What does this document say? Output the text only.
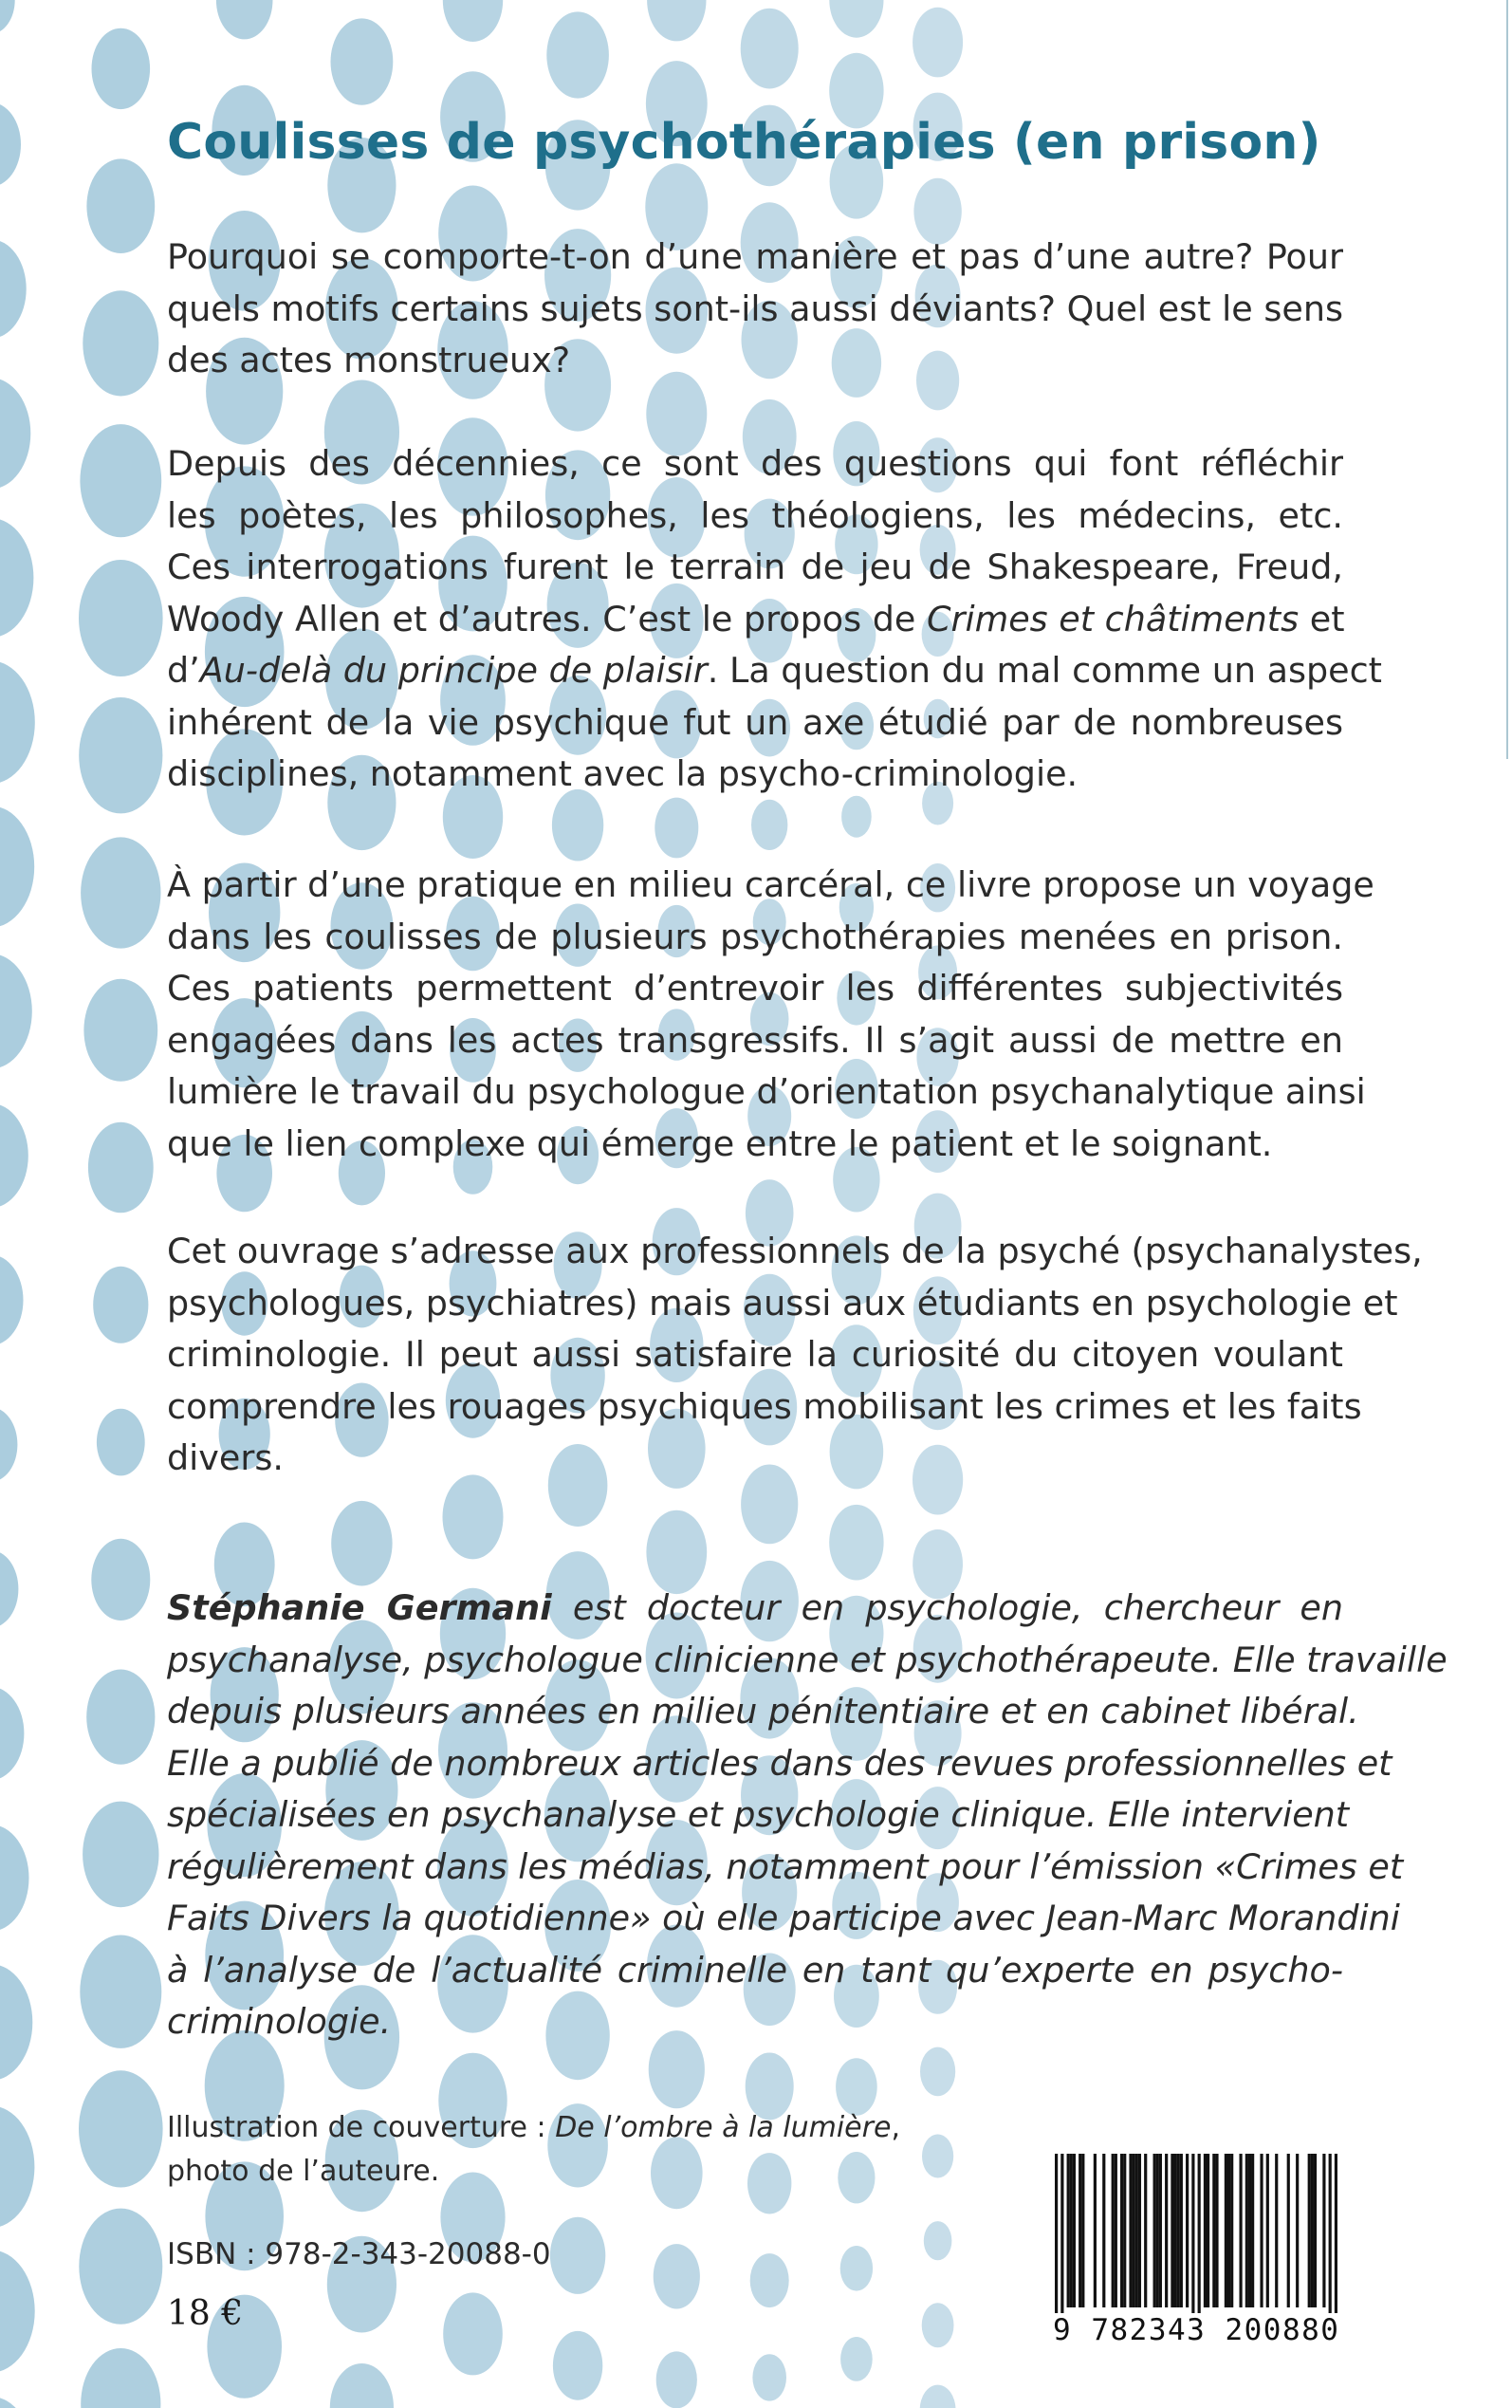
Coulisses de psychothérapies (en prison)
Pourquoi se comporte-t-on d’une manière et pas d’une autre? Pour
quels motifs certains sujets sont-ils aussi déviants? Quel est le sens
des actes monstrueux?
Depuis des décennies, ce sont des questions qui font réfléchir
les poètes, les philosophes, les théologiens, les médecins, etc.
Ces interrogations furent le terrain de jeu de Shakespeare, Freud,
Woody Allen et d’autres. C’est le propos de Crimes et châtiments et
d’Au-delà du principe de plaisir. La question du mal comme un aspect
inhérent de la vie psychique fut un axe étudié par de nombreuses
disciplines, notamment avec la psycho-criminologie.
À partir d’une pratique en milieu carcéral, ce livre propose un voyage
dans les coulisses de plusieurs psychothérapies menées en prison.
Ces patients permettent d’entrevoir les différentes subjectivités
engagées dans les actes transgressifs. Il s’agit aussi de mettre en
lumière le travail du psychologue d’orientation psychanalytique ainsi
que le lien complexe qui émerge entre le patient et le soignant.
Cet ouvrage s’adresse aux professionnels de la psyché (psychanalystes,
psychologues, psychiatres) mais aussi aux étudiants en psychologie et
criminologie. Il peut aussi satisfaire la curiosité du citoyen voulant
comprendre les rouages psychiques mobilisant les crimes et les faits
divers.
Stéphanie Germani est docteur en psychologie, chercheur en
psychanalyse, psychologue clinicienne et psychothérapeute. Elle travaille
depuis plusieurs années en milieu pénitentiaire et en cabinet libéral.
Elle a publié de nombreux articles dans des revues professionnelles et
spécialisées en psychanalyse et psychologie clinique. Elle intervient
régulièrement dans les médias, notamment pour l’émission «Crimes et
Faits Divers la quotidienne» où elle participe avec Jean-Marc Morandini
à l’analyse de l’actualité criminelle en tant qu’experte en psycho-
criminologie.
Illustration de couverture : De l’ombre à la lumière,
photo de l’auteure.
ISBN : 978-2-343-20088-0
18 €	9 782343 200880
